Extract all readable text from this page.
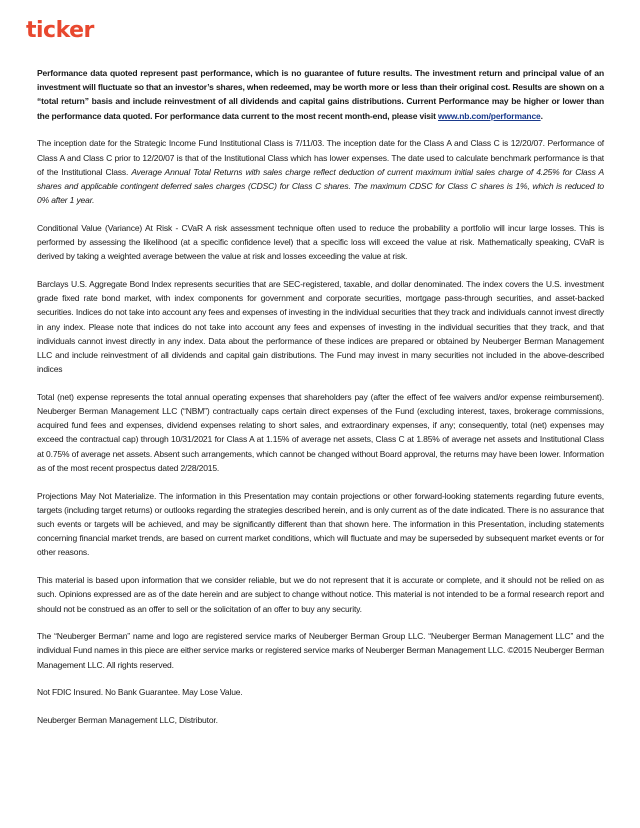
ticker

Performance data quoted represent past performance, which is no guarantee of future results. The investment return and principal value of an investment will fluctuate so that an investor’s shares, when redeemed, may be worth more or less than their original cost. Results are shown on a “total return” basis and include reinvestment of all dividends and capital gains distributions. Current Performance may be higher or lower than the performance data quoted. For performance data current to the most recent month-end, please visit www.nb.com/performance.

The inception date for the Strategic Income Fund Institutional Class is 7/11/03. The inception date for the Class A and Class C is 12/20/07. Performance of Class A and Class C prior to 12/20/07 is that of the Institutional Class which has lower expenses. The date used to calculate benchmark performance is that of the Institutional Class. Average Annual Total Returns with sales charge reflect deduction of current maximum initial sales charge of 4.25% for Class A shares and applicable contingent deferred sales charges (CDSC) for Class C shares. The maximum CDSC for Class C shares is 1%, which is reduced to 0% after 1 year.

Conditional Value (Variance) At Risk - CVaR A risk assessment technique often used to reduce the probability a portfolio will incur large losses. This is performed by assessing the likelihood (at a specific confidence level) that a specific loss will exceed the value at risk. Mathematically speaking, CVaR is derived by taking a weighted average between the value at risk and losses exceeding the value at risk.

Barclays U.S. Aggregate Bond Index represents securities that are SEC-registered, taxable, and dollar denominated. The index covers the U.S. investment grade fixed rate bond market, with index components for government and corporate securities, mortgage pass-through securities, and asset-backed securities. Indices do not take into account any fees and expenses of investing in the individual securities that they track and individuals cannot invest directly in any index. Please note that indices do not take into account any fees and expenses of investing in the individual securities that they track, and that individuals cannot invest directly in any index. Data about the performance of these indices are prepared or obtained by Neuberger Berman Management LLC and include reinvestment of all dividends and capital gain distributions. The Fund may invest in many securities not included in the above-described indices

Total (net) expense represents the total annual operating expenses that shareholders pay (after the effect of fee waivers and/or expense reimbursement). Neuberger Berman Management LLC (“NBM”) contractually caps certain direct expenses of the Fund (excluding interest, taxes, brokerage commissions, acquired fund fees and expenses, dividend expenses relating to short sales, and extraordinary expenses, if any; consequently, total (net) expenses may exceed the contractual cap) through 10/31/2021 for Class A at 1.15% of average net assets, Class C at 1.85% of average net assets and Institutional Class at 0.75% of average net assets. Absent such arrangements, which cannot be changed without Board approval, the returns may have been lower. Information as of the most recent prospectus dated 2/28/2015.

Projections May Not Materialize. The information in this Presentation may contain projections or other forward-looking statements regarding future events, targets (including target returns) or outlooks regarding the strategies described herein, and is only current as of the date indicated. There is no assurance that such events or targets will be achieved, and may be significantly different than that shown here. The information in this Presentation, including statements concerning financial market trends, are based on current market conditions, which will fluctuate and may be superseded by subsequent market events or for other reasons.

This material is based upon information that we consider reliable, but we do not represent that it is accurate or complete, and it should not be relied on as such. Opinions expressed are as of the date herein and are subject to change without notice. This material is not intended to be a formal research report and should not be construed as an offer to sell or the solicitation of an offer to buy any security.

The “Neuberger Berman” name and logo are registered service marks of Neuberger Berman Group LLC. “Neuberger Berman Management LLC” and the individual Fund names in this piece are either service marks or registered service marks of Neuberger Berman Management LLC. ©2015 Neuberger Berman Management LLC. All rights reserved.

Not FDIC Insured. No Bank Guarantee. May Lose Value.

Neuberger Berman Management LLC, Distributor.
